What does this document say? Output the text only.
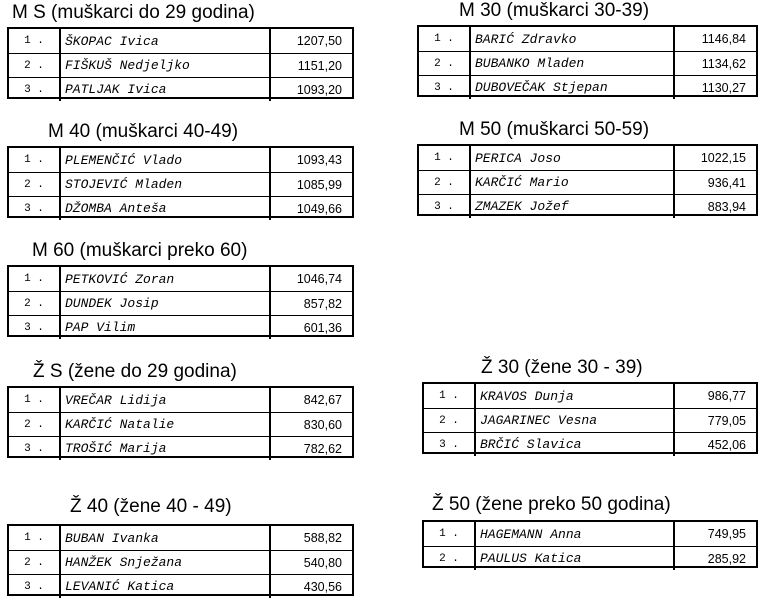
M S (muškarci do 29 godina)
1 .	ŠKOPAC Ivica	1207,50
2 .	FIŠKUŠ Nedjeljko	1151,20
3 .	PATLJAK Ivica	1093,20
M 30 (muškarci 30-39)
1 .	BARIĆ Zdravko	1146,84
2 .	BUBANKO Mladen	1134,62
3 .	DUBOVEČAK Stjepan	1130,27
M 40 (muškarci 40-49)
1 .	PLEMENČIĆ Vlado	1093,43
2 .	STOJEVIĆ Mladen	1085,99
3 .	DŽOMBA Anteša	1049,66
M 50 (muškarci 50-59)
1 .	PERICA Joso	1022,15
2 .	KARČIĆ Mario	936,41
3 .	ZMAZEK Jožef	883,94
M 60 (muškarci preko 60)
1 .	PETKOVIĆ Zoran	1046,74
2 .	DUNDEK Josip	857,82
3 .	PAP Vilim	601,36
Ž S (žene do 29 godina)
1 .	VREČAR Lidija	842,67
2 .	KARČIĆ Natalie	830,60
3 .	TROŠIĆ Marija	782,62
Ž 30 (žene 30 - 39)
1 .	KRAVOS Dunja	986,77
2 .	JAGARINEC Vesna	779,05
3 .	BRČIĆ Slavica	452,06
Ž 40 (žene 40 - 49)
1 .	BUBAN Ivanka	588,82
2 .	HANŽEK Snježana	540,80
3 .	LEVANIĆ Katica	430,56
Ž 50 (žene preko 50 godina)
1 .	HAGEMANN Anna	749,95
2 .	PAULUS Katica	285,92
